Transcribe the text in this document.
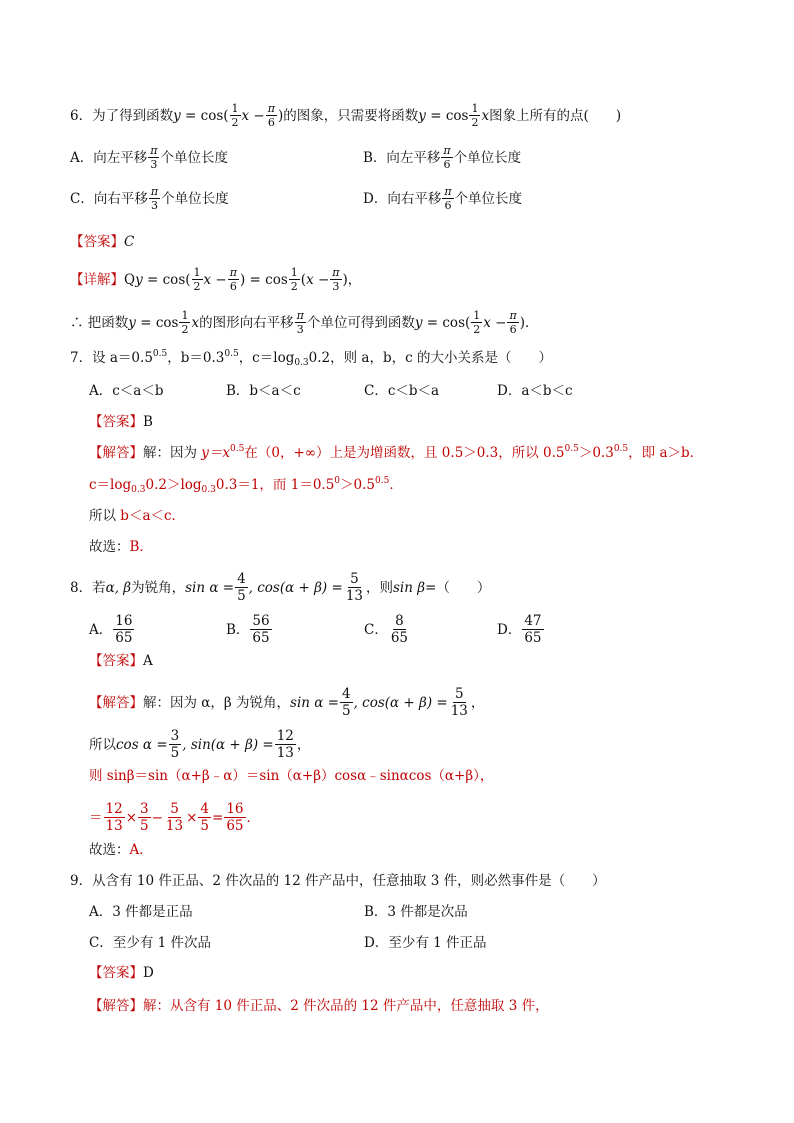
6．为了得到函数$y = \cos( \frac{1}{2}$ $x - \frac{\pi}{6}$ )的图象，只需要将函数$y = \cos \frac{1}{2}$ x图象上所有的点(　　)
A．向左平移 $\frac{\pi}{3}$ 个单位长度	B．向左平移 $\frac{\pi}{6}$ 个单位长度
C．向右平移 $\frac{\pi}{3}$ 个单位长度	D．向右平移 $\frac{\pi}{6}$ 个单位长度
【答案】C
【详解】$Qy = \cos( \frac{1}{2}$ $x - \frac{\pi}{6}$ ) = $\cos \frac{1}{2} (x - \frac{\pi}{3}$ )，
∴ 把函数$y = \cos \frac{1}{2}$ x的图形向右平移 $\frac{\pi}{3}$ 个单位可得到函数$y = \cos( \frac{1}{2}$ $x - \frac{\pi}{6}$ )．
7．设 $a=0.5^{0.5}$，$b=0.3^{0.5}$，$c=\log_{0.3}0.2$，则 a，b，c 的大小关系是（　　）
A．c＜a＜b	B．b＜a＜c	C．c＜b＜a	D．a＜b＜c
【答案】B
【解答】解：因为 $y=x^{0.5}$在（0，+∞）上是为增函数，且 0.5＞0.3，所以 $0.5^{0.5}>0.3^{0.5}$，即 a＞b．
$c=\log_{0.3}0.2>\log_{0.3}0.3=1$，而 $1=0.5^0>0.5^{0.5}$．
所以 b＜a＜c．
故选：B．
8．若α, β为锐角，$\sin \alpha = \frac{4}{5}$ , $\cos(\alpha + \beta) = \frac{5}{13}$ ，则sin β=（　　）
A． $\frac{16}{65}$	B． $\frac{56}{65}$	C． $\frac{8}{65}$	D． $\frac{47}{65}$
【答案】A
【解答】解：因为 α，β 为锐角，$\sin \alpha = \frac{4}{5}$ , $\cos(\alpha + \beta) = \frac{5}{13}$ ，
所以$\cos \alpha = \frac{3}{5}$ , $\sin(\alpha + \beta) = \frac{12}{13}$ ，
则 sinβ＝sin（α+β﹣α）＝sin（α+β）cosα﹣sinαcos（α+β），
＝ $\frac{12}{13} \times \frac{3}{5} - \frac{5}{13} \times \frac{4}{5} = \frac{16}{65}$ ．
故选：A．
9．从含有 10 件正品、2 件次品的 12 件产品中，任意抽取 3 件，则必然事件是（　　）
A．3 件都是正品	B．3 件都是次品
C．至少有 1 件次品	D．至少有 1 件正品
【答案】D
【解答】解：从含有 10 件正品、2 件次品的 12 件产品中，任意抽取 3 件，
